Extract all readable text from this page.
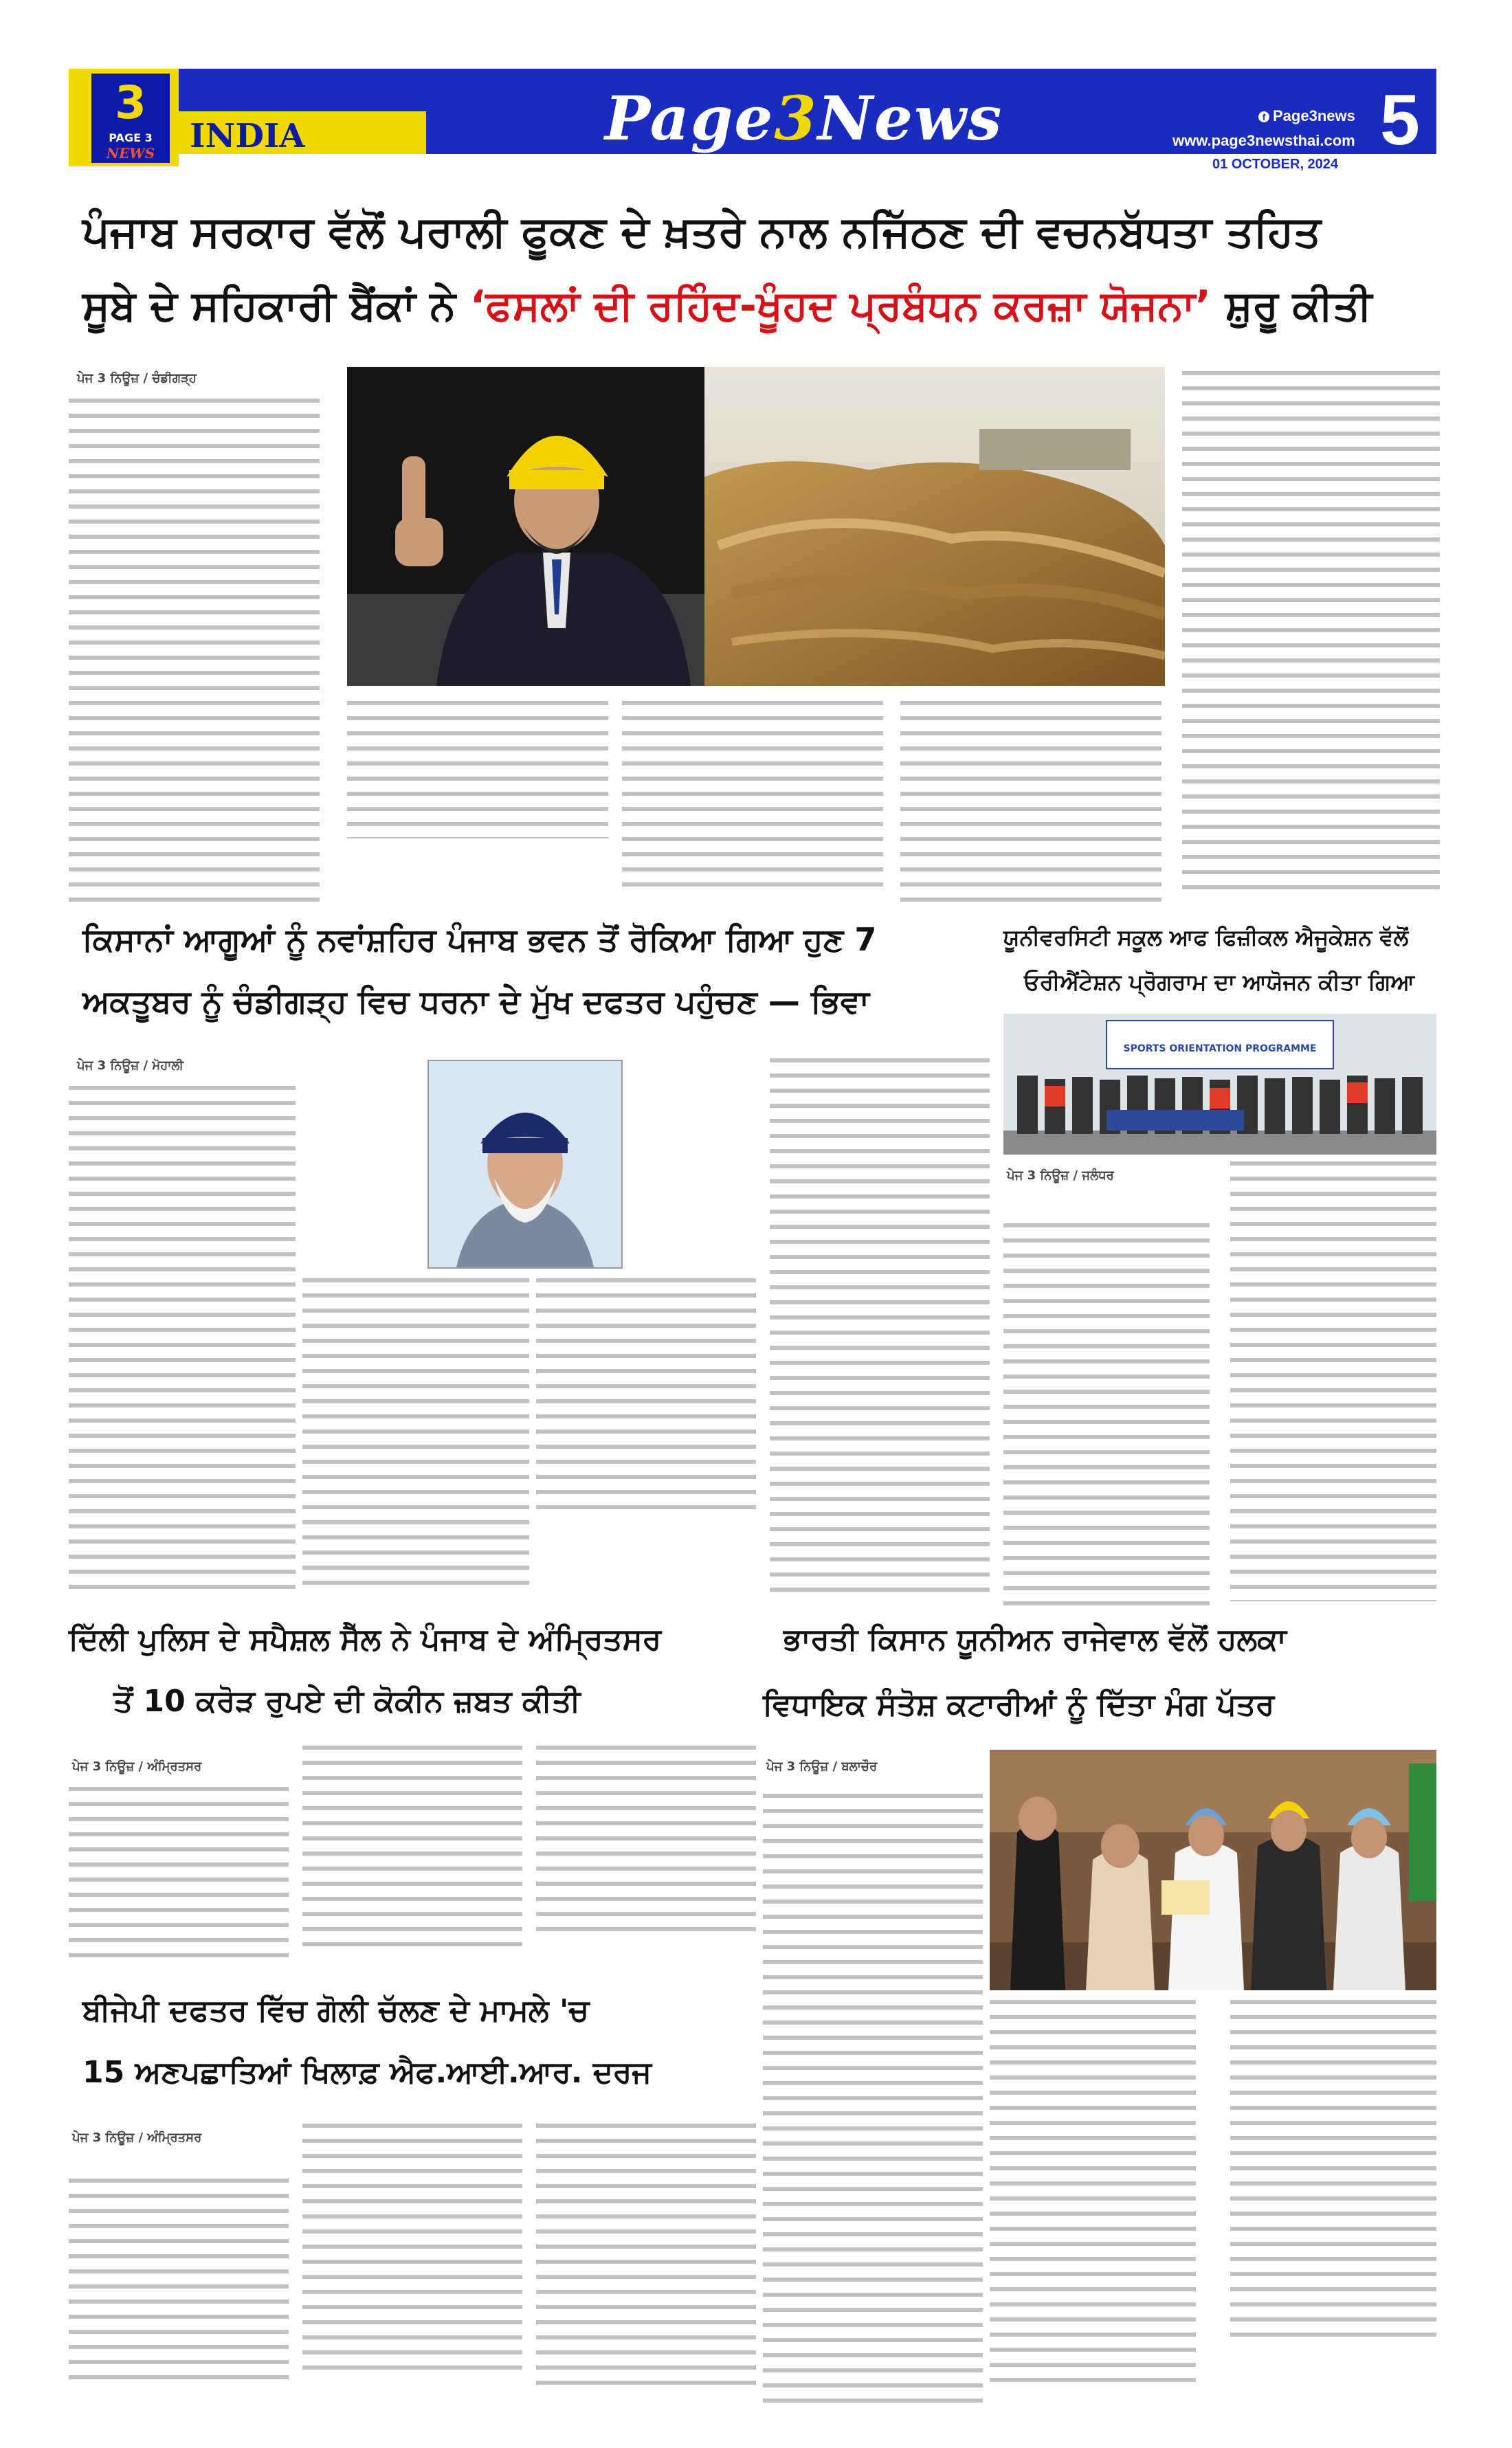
3
PAGE 3
NEWS	INDIA	Page3News	f Page3news
www.page3newsthai.com
01 OCTOBER, 2024
5
ਪੰਜਾਬ ਸਰਕਾਰ ਵੱਲੋਂ ਪਰਾਲੀ ਫੂਕਣ ਦੇ ਖ਼ਤਰੇ ਨਾਲ ਨਜਿੱਠਣ ਦੀ ਵਚਨਬੱਧਤਾ ਤਹਿਤ
ਸੂਬੇ ਦੇ ਸਹਿਕਾਰੀ ਬੈਂਕਾਂ ਨੇ ‘ਫਸਲਾਂ ਦੀ ਰਹਿੰਦ-ਖੂੰਹਦ ਪ੍ਰਬੰਧਨ ਕਰਜ਼ਾ ਯੋਜਨਾ’ ਸ਼ੁਰੂ ਕੀਤੀ
ਪੇਜ 3 ਨਿਊਜ਼ / ਚੰਡੀਗੜ੍ਹ
ਕਿਸਾਨਾਂ ਆਗੂਆਂ ਨੂੰ ਨਵਾਂਸ਼ਹਿਰ ਪੰਜਾਬ ਭਵਨ ਤੋਂ ਰੋਕਿਆ ਗਿਆ ਹੁਣ 7
ਅਕਤੂਬਰ ਨੂੰ ਚੰਡੀਗੜ੍ਹ ਵਿਚ ਧਰਨਾ ਦੇ ਮੁੱਖ ਦਫਤਰ ਪਹੁੰਚਣ — ਭਿਵਾ
ਪੇਜ 3 ਨਿਊਜ਼ / ਮੋਹਾਲੀ
ਯੂਨੀਵਰਸਿਟੀ ਸਕੂਲ ਆਫ ਫਿਜ਼ੀਕਲ ਐਜੂਕੇਸ਼ਨ ਵੱਲੋਂ
ਓਰੀਐਂਟੇਸ਼ਨ ਪ੍ਰੋਗਰਾਮ ਦਾ ਆਯੋਜਨ ਕੀਤਾ ਗਿਆ
SPORTS ORIENTATION PROGRAMME
ਪੇਜ 3 ਨਿਊਜ਼ / ਜਲੰਧਰ
ਦਿੱਲੀ ਪੁਲਿਸ ਦੇ ਸਪੈਸ਼ਲ ਸੈੱਲ ਨੇ ਪੰਜਾਬ ਦੇ ਅੰਮ੍ਰਿਤਸਰ
ਤੋਂ 10 ਕਰੋੜ ਰੁਪਏ ਦੀ ਕੋਕੀਨ ਜ਼ਬਤ ਕੀਤੀ
ਪੇਜ 3 ਨਿਊਜ਼ / ਅੰਮ੍ਰਿਤਸਰ
ਭਾਰਤੀ ਕਿਸਾਨ ਯੂਨੀਅਨ ਰਾਜੇਵਾਲ ਵੱਲੋਂ ਹਲਕਾ
ਵਿਧਾਇਕ ਸੰਤੋਸ਼ ਕਟਾਰੀਆਂ ਨੂੰ ਦਿੱਤਾ ਮੰਗ ਪੱਤਰ
ਪੇਜ 3 ਨਿਊਜ਼ / ਬਲਾਚੌਰ
ਬੀਜੇਪੀ ਦਫਤਰ ਵਿੱਚ ਗੋਲੀ ਚੱਲਣ ਦੇ ਮਾਮਲੇ 'ਚ
15 ਅਣਪਛਾਤਿਆਂ ਖਿਲਾਫ਼ ਐਫ.ਆਈ.ਆਰ. ਦਰਜ
ਪੇਜ 3 ਨਿਊਜ਼ / ਅੰਮ੍ਰਿਤਸਰ
